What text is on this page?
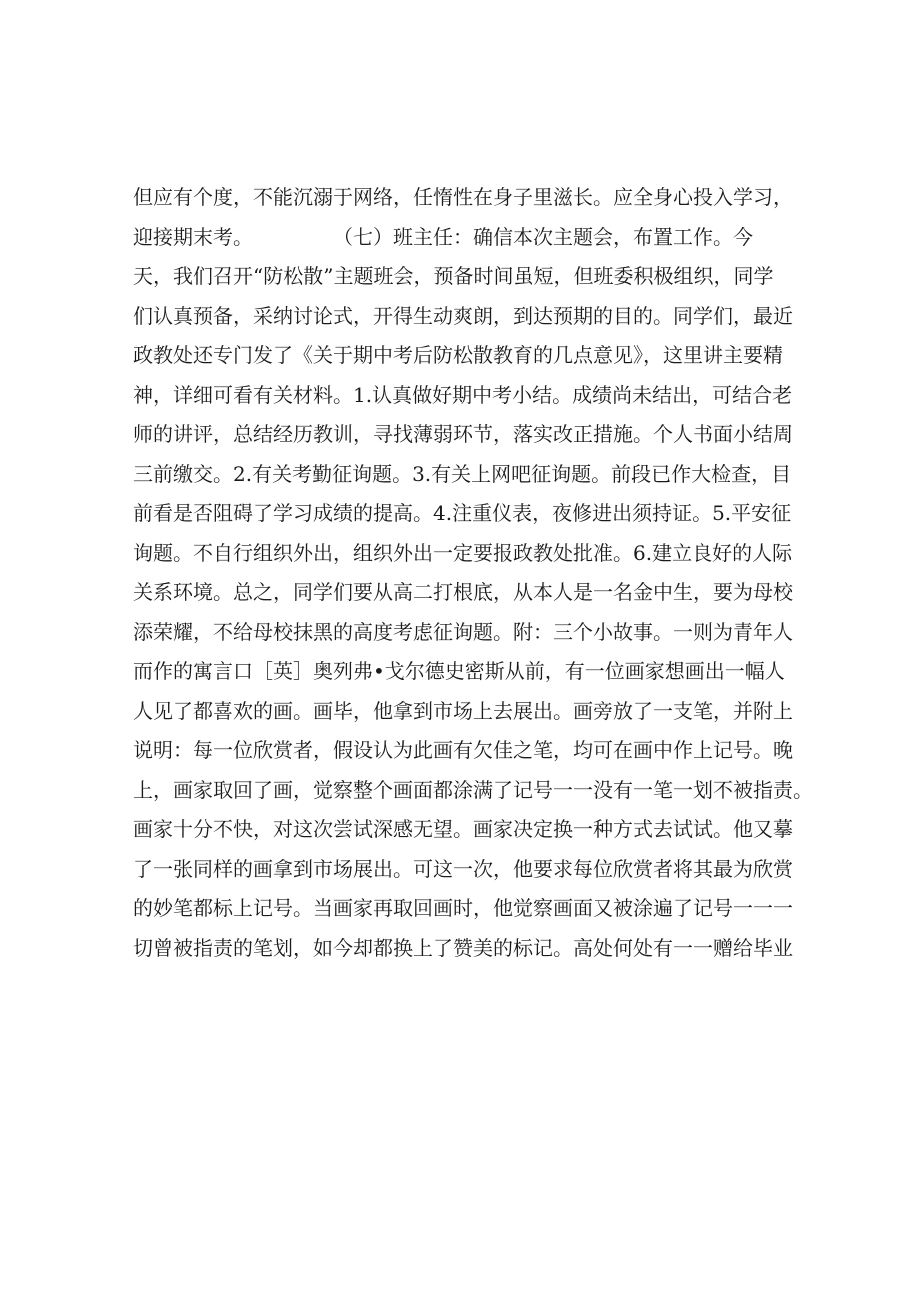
但应有个度，不能沉溺于网络，任惰性在身子里滋长。应全身心投入学习，
迎接期末考。　　　　　（七）班主任：确信本次主题会，布置工作。今
天，我们召开“防松散”主题班会，预备时间虽短，但班委积极组织，同学
们认真预备，采纳讨论式，开得生动爽朗，到达预期的目的。同学们，最近
政教处还专门发了《关于期中考后防松散教育的几点意见》，这里讲主要精
神，详细可看有关材料。1.认真做好期中考小结。成绩尚未结出，可结合老
师的讲评，总结经历教训，寻找薄弱环节，落实改正措施。个人书面小结周
三前缴交。2.有关考勤征询题。3.有关上网吧征询题。前段已作大检查，目
前看是否阻碍了学习成绩的提高。4.注重仪表，夜修进出须持证。5.平安征
询题。不自行组织外出，组织外出一定要报政教处批准。6.建立良好的人际
关系环境。总之，同学们要从高二打根底，从本人是一名金中生，要为母校
添荣耀，不给母校抹黑的高度考虑征询题。附：三个小故事。一则为青年人
而作的寓言口［英］奥列弗•戈尔德史密斯从前，有一位画家想画出一幅人
人见了都喜欢的画。画毕，他拿到市场上去展出。画旁放了一支笔，并附上
说明：每一位欣赏者，假设认为此画有欠佳之笔，均可在画中作上记号。晚
上，画家取回了画，觉察整个画面都涂满了记号一一没有一笔一划不被指责。
画家十分不快，对这次尝试深感无望。画家决定换一种方式去试试。他又摹
了一张同样的画拿到市场展出。可这一次，他要求每位欣赏者将其最为欣赏
的妙笔都标上记号。当画家再取回画时，他觉察画面又被涂遍了记号一一一
切曾被指责的笔划，如今却都换上了赞美的标记。高处何处有一一赠给毕业
